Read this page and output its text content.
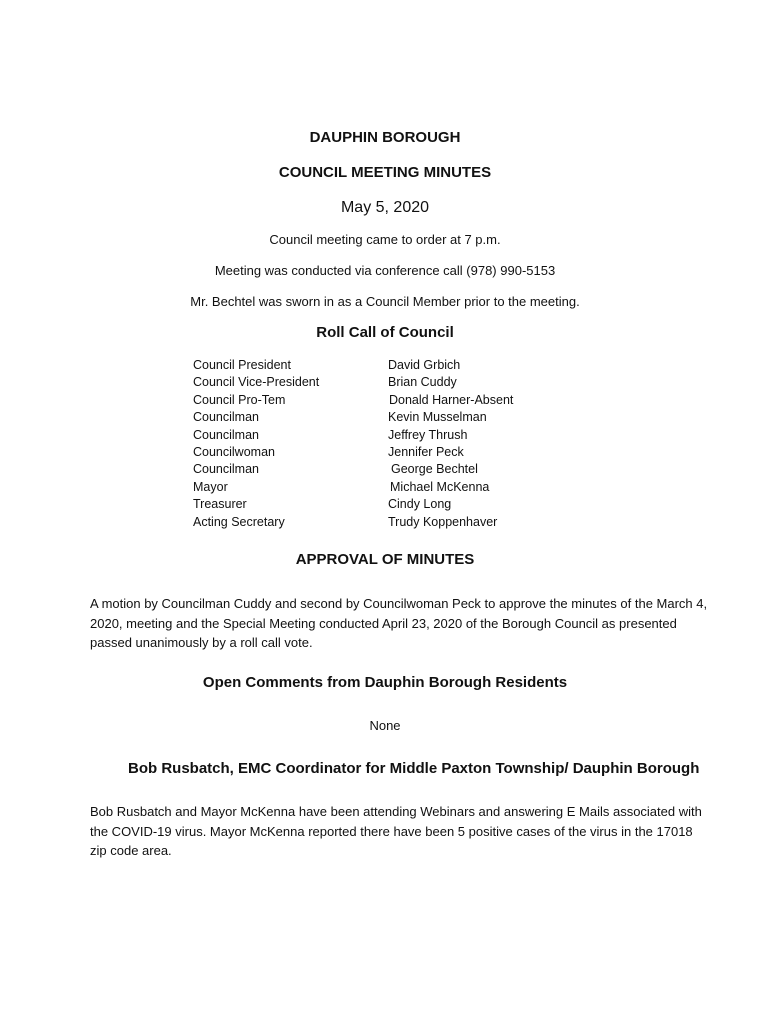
DAUPHIN BOROUGH
COUNCIL MEETING MINUTES
May 5, 2020
Council meeting came to order at 7 p.m.
Meeting was conducted via conference call (978) 990-5153
Mr. Bechtel was sworn in as a Council Member prior to the meeting.
Roll Call of Council
Council President	David Grbich
Council Vice-President	Brian Cuddy
Council Pro-Tem	Donald Harner-Absent
Councilman	Kevin Musselman
Councilman	Jeffrey Thrush
Councilwoman	Jennifer Peck
Councilman	George Bechtel
Mayor	Michael McKenna
Treasurer	Cindy Long
Acting Secretary	Trudy Koppenhaver
APPROVAL OF MINUTES
A motion by Councilman Cuddy and second by Councilwoman Peck to approve the minutes of the March 4,
2020, meeting and the Special Meeting conducted April 23, 2020 of the Borough Council as presented
passed unanimously by a roll call vote.
Open Comments from Dauphin Borough Residents
None
Bob Rusbatch, EMC Coordinator for Middle Paxton Township/ Dauphin Borough
Bob Rusbatch and Mayor McKenna have been attending Webinars and answering E Mails associated with
the COVID-19 virus. Mayor McKenna reported there have been 5 positive cases of the virus in the 17018
zip code area.
